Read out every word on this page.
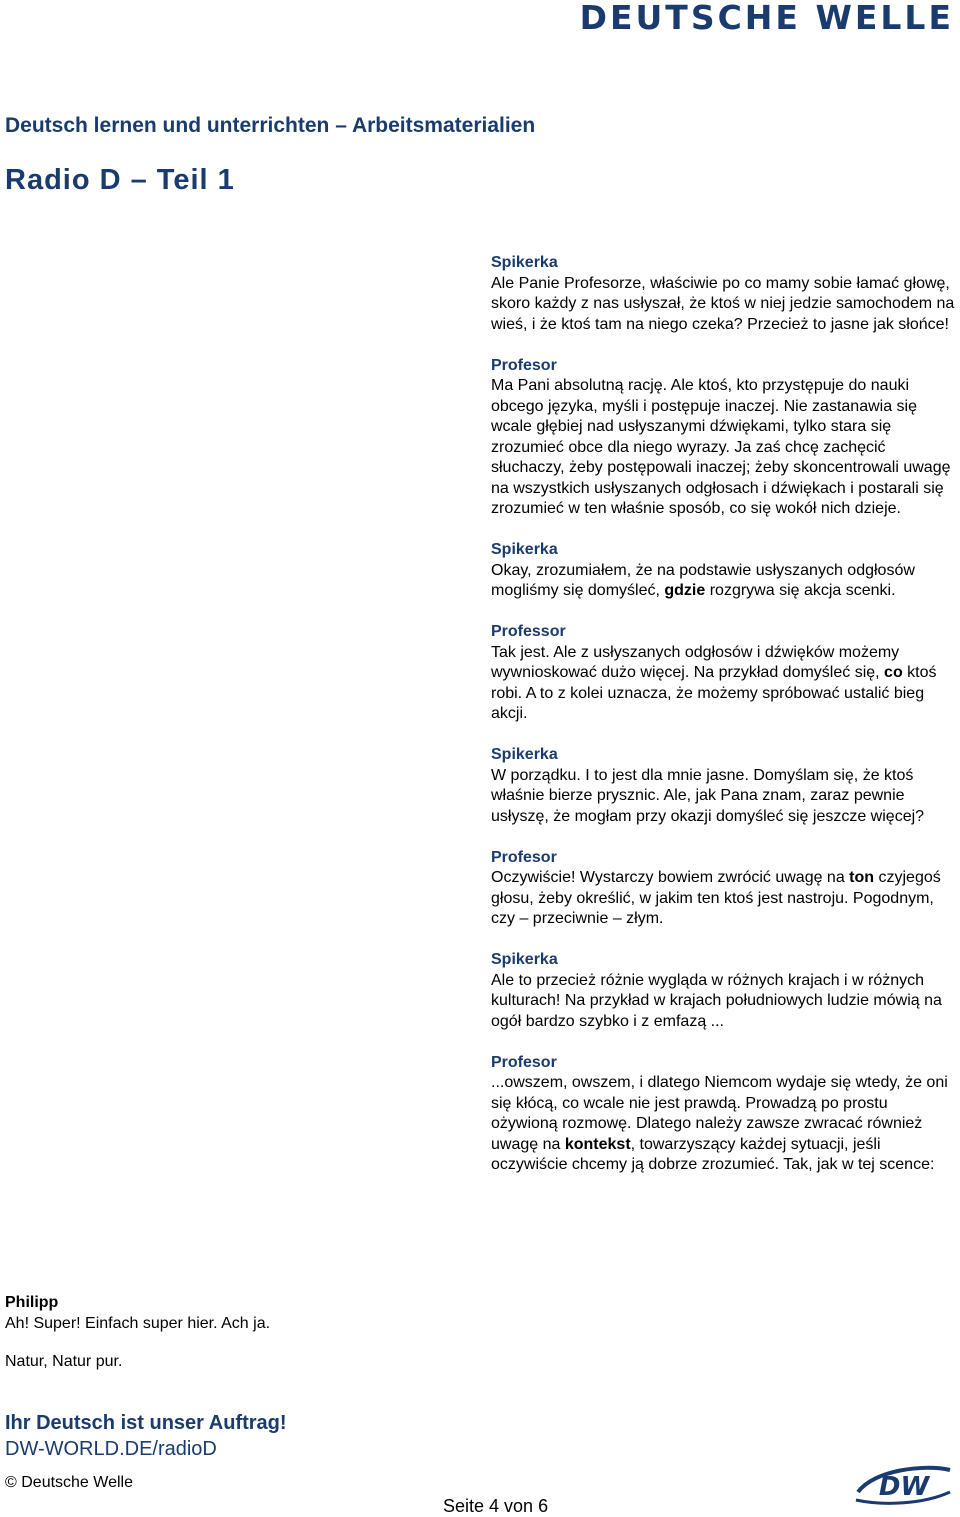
DEUTSCHE WELLE
Deutsch lernen und unterrichten – Arbeitsmaterialien
Radio D – Teil 1
Spikerka
Ale Panie Profesorze, właściwie po co mamy sobie łamać głowę, skoro każdy z nas usłyszał, że ktoś w niej jedzie samochodem na wieś, i że ktoś tam na niego czeka? Przecież to jasne jak słońce!
Profesor
Ma Pani absolutną rację. Ale ktoś, kto przystępuje do nauki obcego języka, myśli i postępuje inaczej. Nie zastanawia się wcale głębiej nad usłyszanymi dźwiękami, tylko stara się zrozumieć obce dla niego wyrazy. Ja zaś chcę zachęcić słuchaczy, żeby postępowali inaczej; żeby skoncentrowali uwagę na wszystkich usłyszanych odgłosach i dźwiękach i postarali się zrozumieć w ten właśnie sposób, co się wokół nich dzieje.
Spikerka
Okay, zrozumiałem, że na podstawie usłyszanych odgłosów mogliśmy się domyśleć, gdzie rozgrywa się akcja scenki.
Professor
Tak jest. Ale z usłyszanych odgłosów i dźwięków możemy wywnioskować dużo więcej. Na przykład domyśleć się, co ktoś robi. A to z kolei uznacza, że możemy spróbować ustalić bieg akcji.
Spikerka
W porządku. I to jest dla mnie jasne. Domyślam się, że ktoś właśnie bierze prysznic. Ale, jak Pana znam, zaraz pewnie usłyszę, że mogłam przy okazji domyśleć się jeszcze więcej?
Profesor
Oczywiście! Wystarczy bowiem zwrócić uwagę na ton czyjegoś głosu, żeby określić, w jakim ten ktoś jest nastroju. Pogodnym, czy – przeciwnie – złym.
Spikerka
Ale to przecież różnie wygląda w różnych krajach i w różnych kulturach! Na przykład w krajach południowych ludzie mówią na ogół bardzo szybko i z emfazą ...
Profesor
...owszem, owszem, i dlatego Niemcom wydaje się wtedy, że oni się kłócą, co wcale nie jest prawdą. Prowadzą po prostu ożywioną rozmowę. Dlatego należy zawsze zwracać również uwagę na kontekst, towarzyszący każdej sytuacji, jeśli oczywiście chcemy ją dobrze zrozumieć. Tak, jak w tej scence:
Philipp
Ah! Super! Einfach super hier. Ach ja.
Natur, Natur pur.
Ihr Deutsch ist unser Auftrag!
DW-WORLD.DE/radioD
© Deutsche Welle
Seite 4 von 6
DW
